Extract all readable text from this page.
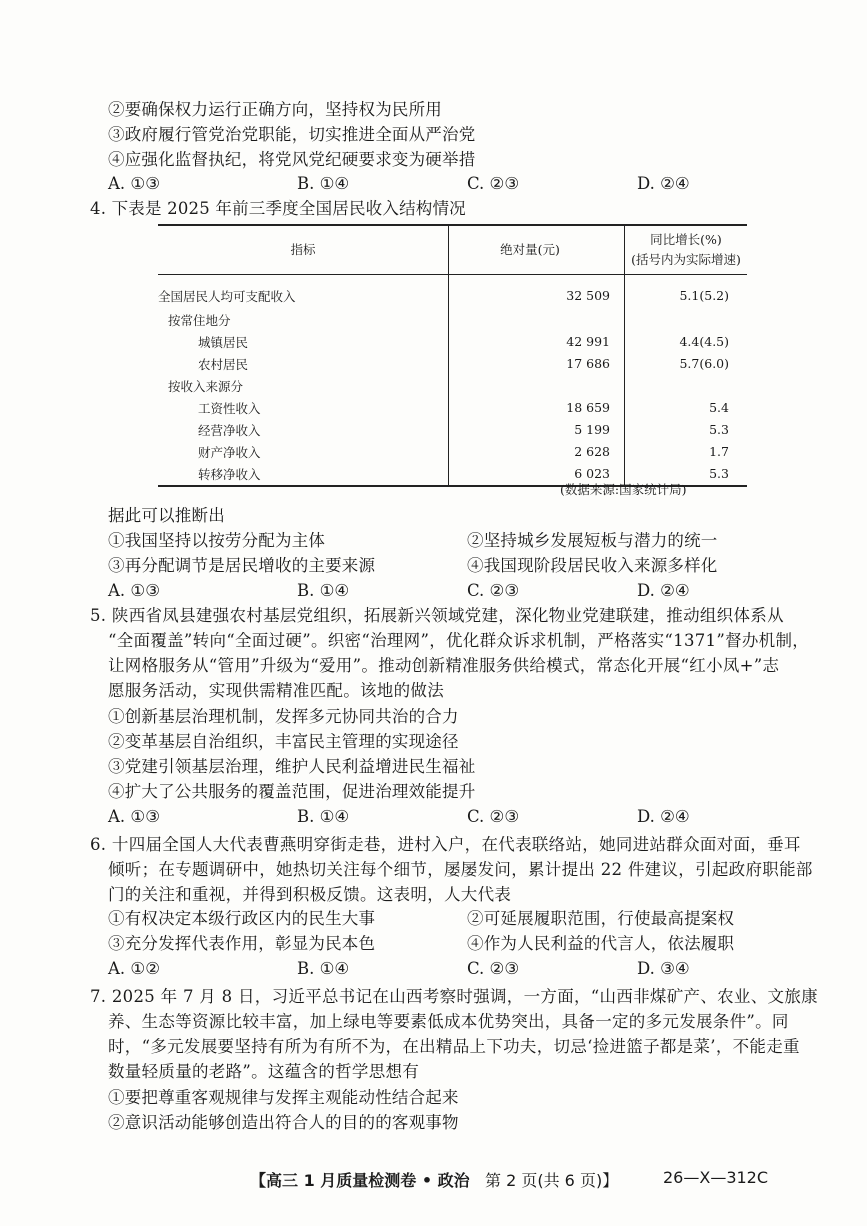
②要确保权力运行正确方向，坚持权为民所用
③政府履行管党治党职能，切实推进全面从严治党
④应强化监督执纪，将党风党纪硬要求变为硬举措
A. ①③	B. ①④	C. ②③	D. ②④
4. 下表是 2025 年前三季度全国居民收入结构情况
指标	绝对量(元)	同比增长(%)
(括号内为实际增速)

全国居民人均可支配收入	32 509	5.1(5.2)
按常住地分		
城镇居民	42 991	4.4(4.5)
农村居民	17 686	5.7(6.0)
按收入来源分		
工资性收入	18 659	5.4
经营净收入	5 199	5.3
财产净收入	2 628	1.7
转移净收入	6 023	5.3
(数据来源:国家统计局)
据此可以推断出
①我国坚持以按劳分配为主体	②坚持城乡发展短板与潜力的统一
③再分配调节是居民增收的主要来源	④我国现阶段居民收入来源多样化
A. ①③	B. ①④	C. ②③	D. ②④
5. 陕西省凤县建强农村基层党组织，拓展新兴领域党建，深化物业党建联建，推动组织体系从
“全面覆盖”转向“全面过硬”。织密“治理网”，优化群众诉求机制，严格落实“1371”督办机制，
让网格服务从“管用”升级为“爱用”。推动创新精准服务供给模式，常态化开展“红小凤+”志
愿服务活动，实现供需精准匹配。该地的做法
①创新基层治理机制，发挥多元协同共治的合力
②变革基层自治组织，丰富民主管理的实现途径
③党建引领基层治理，维护人民利益增进民生福祉
④扩大了公共服务的覆盖范围，促进治理效能提升
A. ①③	B. ①④	C. ②③	D. ②④
6. 十四届全国人大代表曹燕明穿街走巷，进村入户，在代表联络站，她同进站群众面对面，垂耳
倾听；在专题调研中，她热切关注每个细节，屡屡发问，累计提出 22 件建议，引起政府职能部
门的关注和重视，并得到积极反馈。这表明，人大代表
①有权决定本级行政区内的民生大事	②可延展履职范围，行使最高提案权
③充分发挥代表作用，彰显为民本色	④作为人民利益的代言人，依法履职
A. ①②	B. ①④	C. ②③	D. ③④
7. 2025 年 7 月 8 日，习近平总书记在山西考察时强调，一方面，“山西非煤矿产、农业、文旅康
养、生态等资源比较丰富，加上绿电等要素低成本优势突出，具备一定的多元发展条件”。同
时，“多元发展要坚持有所为有所不为，在出精品上下功夫，切忌‘捡进篮子都是菜’，不能走重
数量轻质量的老路”。这蕴含的哲学思想有
①要把尊重客观规律与发挥主观能动性结合起来
②意识活动能够创造出符合人的目的的客观事物
【高三 1 月质量检测卷 • 政治 第 2 页(共 6 页)】	26—X—312C
